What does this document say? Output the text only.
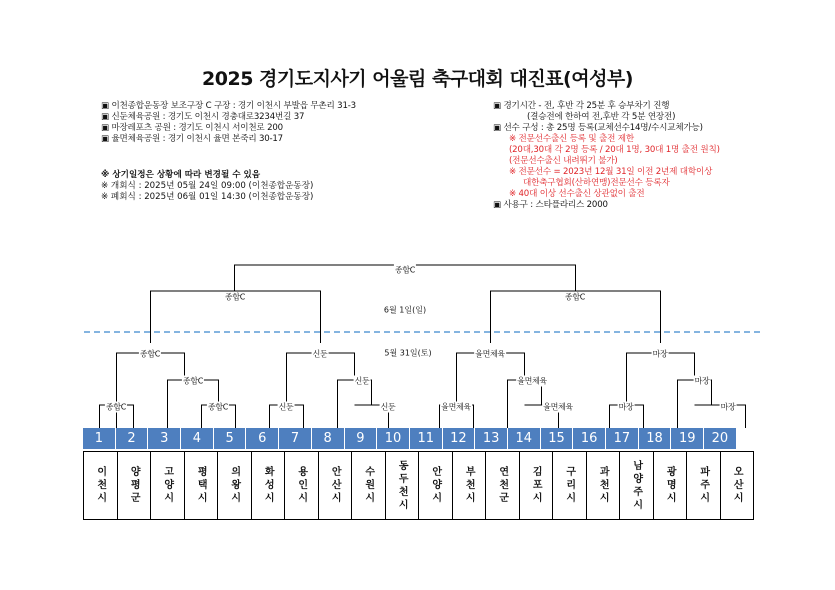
2025 경기도지사기 어울림 축구대회 대진표(여성부)
▣ 이천종합운동장 보조구장 C 구장 : 경기 이천시 부발읍 무촌리 31-3
▣ 신둔체육공원 : 경기도 이천시 경충대로3234번길 37
▣ 마장레포츠 공원 : 경기도 이천시 서이천로 200
▣ 율면체육공원 : 경기 이천시 율면 본죽리 30-17
※ 상기일정은 상황에 따라 변경될 수 있음
※ 개회식 : 2025년 05월 24일 09:00 (이천종합운동장)
※ 폐회식 : 2025년 06월 01일 14:30 (이천종합운동장)
▣ 경기시간 - 전, 후반 각 25분 후 승부차기 진행
(결승전에 한하여 전,후반 각 5분 연장전)
▣ 선수 구성 : 총 25명 등록(교체선수14명/수시교체가능)
※ 전문선수출신 등록 및 출전 제한
(20대,30대 각 2명 등록 / 20대 1명, 30대 1명 출전 원칙)
(전문선수출신 내려뛰기 불가)
※ 전문선수 = 2023년 12월 31일 이전 2년제 대학이상
대한축구협회(산하연맹)전문선수 등록자
※ 40대 이상 선수출신 상관없이 출전
▣ 사용구 : 스타플라리스 2000
종합C
종합C	종합C
6월 1일(일)
5월 31일(토)
종합C	신둔	율면체육	마장
종합C	신둔	율면체육	마장
종합C	종합C	신둔	신둔	율면체육	율면체육	마장	마장
1	2	3	4	5	6	7	8	9	10	11	12	13	14	15	16	17	18	19	20
이천시 양평군 고양시 평택시 의왕시 화성시 용인시 안산시 수원시 동두천시 안양시 부천시 연천군 김포시 구리시 과천시 남양주시 광명시 파주시 오산시
